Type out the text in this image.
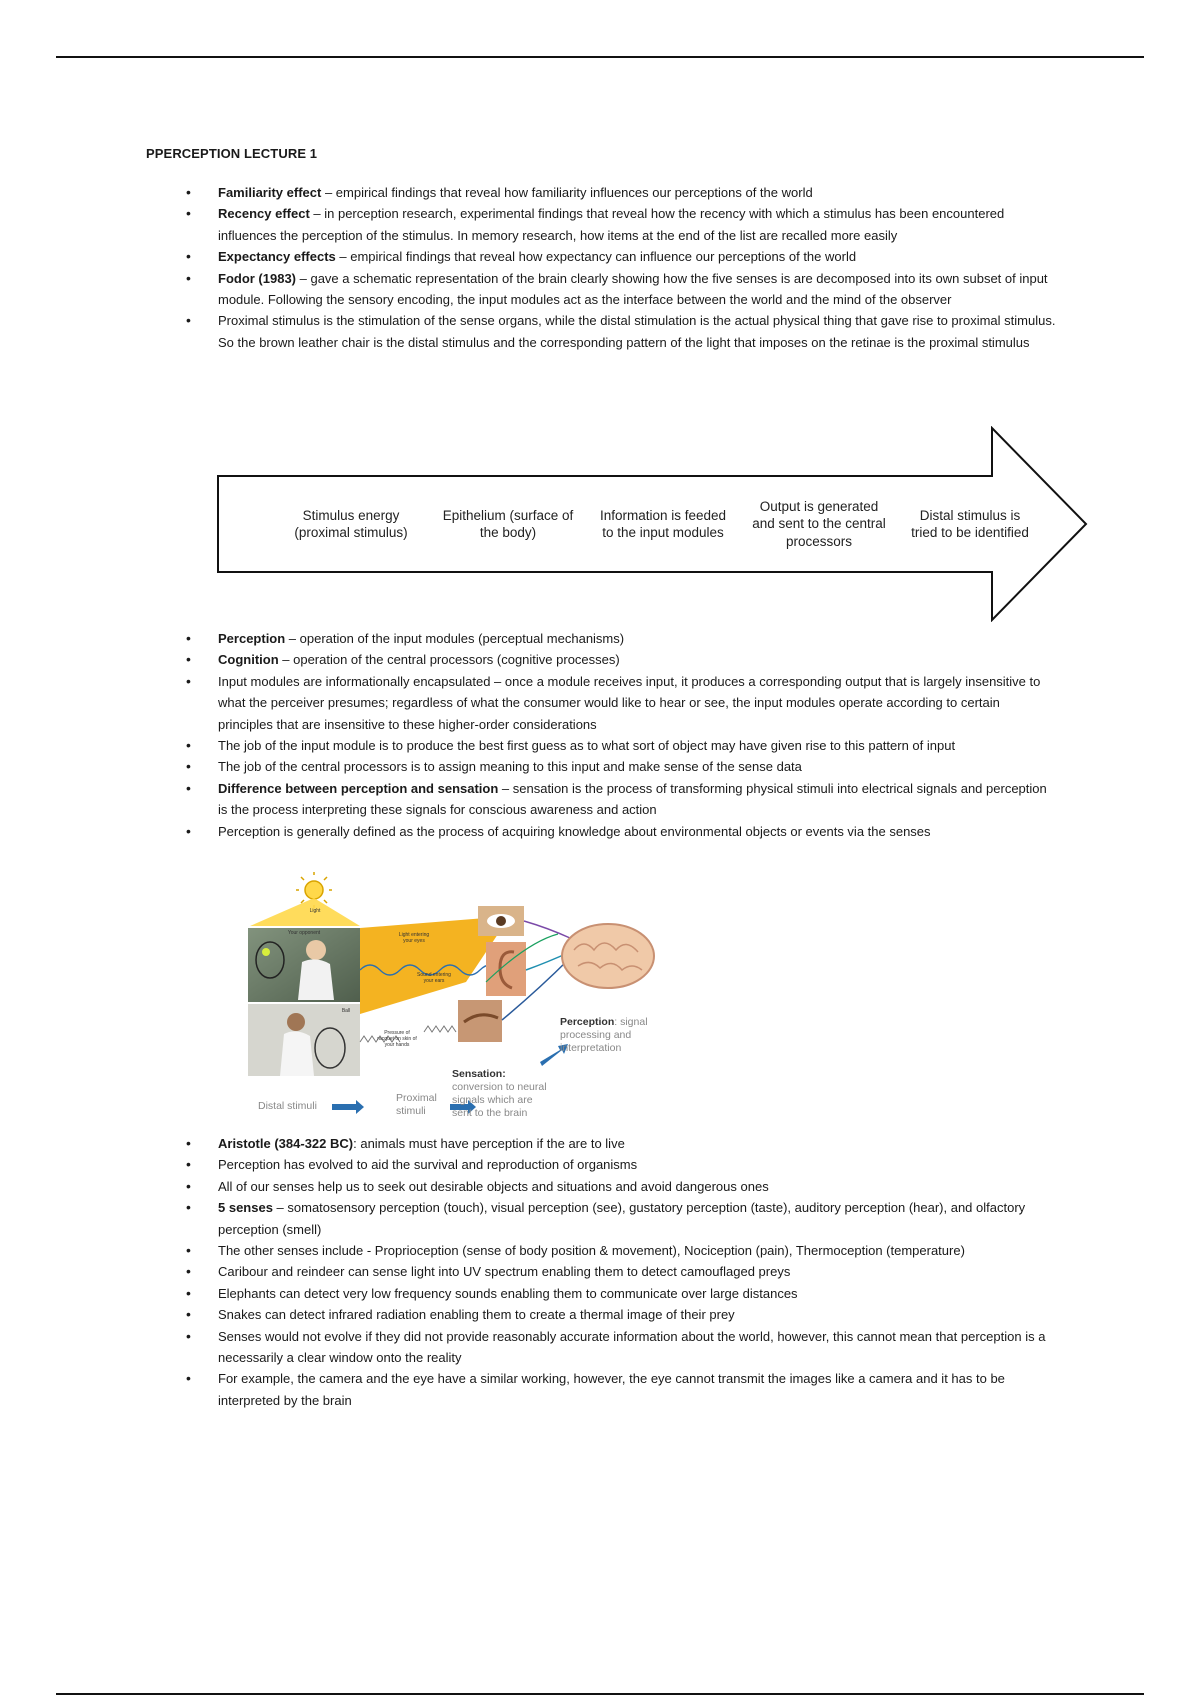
PPERCEPTION LECTURE 1
• Familiarity effect – empirical findings that reveal how familiarity influences our perceptions of the world
• Recency effect – in perception research, experimental findings that reveal how the recency with which a stimulus has been encountered influences the perception of the stimulus. In memory research, how items at the end of the list are recalled more easily
• Expectancy effects – empirical findings that reveal how expectancy can influence our perceptions of the world
• Fodor (1983) – gave a schematic representation of the brain clearly showing how the five senses is are decomposed into its own subset of input module. Following the sensory encoding, the input modules act as the interface between the world and the mind of the observer
• Proximal stimulus is the stimulation of the sense organs, while the distal stimulation is the actual physical thing that gave rise to proximal stimulus. So the brown leather chair is the distal stimulus and the corresponding pattern of the light that imposes on the retinae is the proximal stimulus
Stimulus energy (proximal stimulus)
Epithelium (surface of the body)
Information is feeded to the input modules
Output is generated and sent to the central processors
Distal stimulus is tried to be identified
• Perception – operation of the input modules (perceptual mechanisms)
• Cognition – operation of the central processors (cognitive processes)
• Input modules are informationally encapsulated – once a module receives input, it produces a corresponding output that is largely insensitive to what the perceiver presumes; regardless of what the consumer would like to hear or see, the input modules operate according to certain principles that are insensitive to these higher-order considerations
• The job of the input module is to produce the best first guess as to what sort of object may have given rise to this pattern of input
• The job of the central processors is to assign meaning to this input and make sense of the sense data
• Difference between perception and sensation – sensation is the process of transforming physical stimuli into electrical signals and perception is the process interpreting these signals for conscious awareness and action
• Perception is generally defined as the process of acquiring knowledge about environmental objects or events via the senses
Light
Your opponent	Light entering your eyes
Sound entering your ears
Ball
Pressure of racquet on skin of your hands
Perception: signal processing and interpretation
Sensation:
conversion to neural signals which are sent to the brain
Distal stimuli
Proximal stimuli
• Aristotle (384-322 BC): animals must have perception if the are to live
• Perception has evolved to aid the survival and reproduction of organisms
• All of our senses help us to seek out desirable objects and situations and avoid dangerous ones
• 5 senses – somatosensory perception (touch), visual perception (see), gustatory perception (taste), auditory perception (hear), and olfactory perception (smell)
• The other senses include - Proprioception (sense of body position & movement), Nociception (pain), Thermoception (temperature)
• Caribour and reindeer can sense light into UV spectrum enabling them to detect camouflaged preys
• Elephants can detect very low frequency sounds enabling them to communicate over large distances
• Snakes can detect infrared radiation enabling them to create a thermal image of their prey
• Senses would not evolve if they did not provide reasonably accurate information about the world, however, this cannot mean that perception is a necessarily a clear window onto the reality
• For example, the camera and the eye have a similar working, however, the eye cannot transmit the images like a camera and it has to be interpreted by the brain
